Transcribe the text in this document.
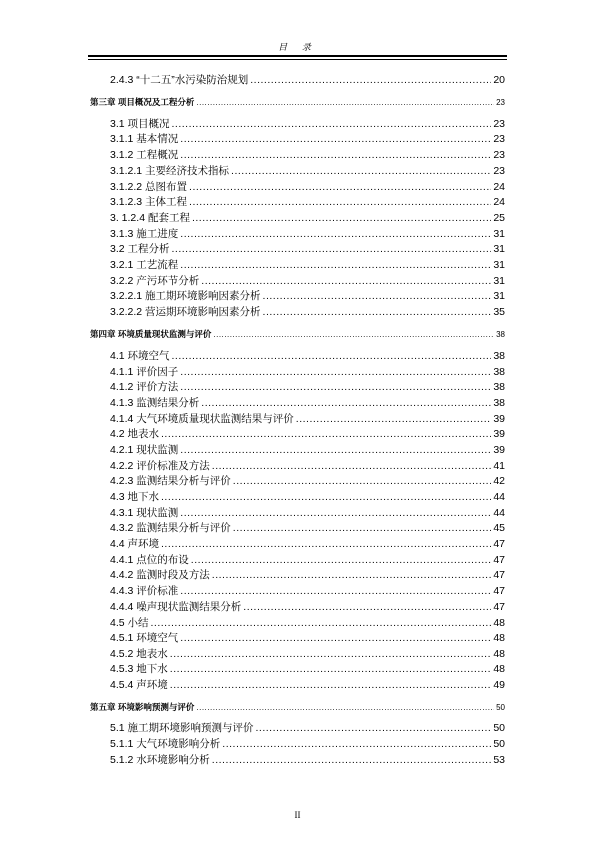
目 录
2.4.3 “十二五”水污染防治规划 .....	20
第三章 项目概况及工程分析 .....	23
3.1 项目概况 .....	23
3.1.1 基本情况 .....	23
3.1.2 工程概况 .....	23
3.1.2.1 主要经济技术指标 .....	23
3.1.2.2 总图布置 .....	24
3.1.2.3 主体工程 .....	24
3. 1.2.4 配套工程 .....	25
3.1.3 施工进度 .....	31
3.2 工程分析 .....	31
3.2.1 工艺流程 .....	31
3.2.2 产污环节分析 .....	31
3.2.2.1 施工期环境影响因素分析 .....	31
3.2.2.2 营运期环境影响因素分析 .....	35
第四章 环境质量现状监测与评价 .....	38
4.1 环境空气 .....	38
4.1.1 评价因子 .....	38
4.1.2 评价方法 .....	38
4.1.3 监测结果分析 .....	38
4.1.4 大气环境质量现状监测结果与评价 .....	39
4.2 地表水 .....	39
4.2.1 现状监测 .....	39
4.2.2 评价标准及方法 .....	41
4.2.3 监测结果分析与评价 .....	42
4.3 地下水 .....	44
4.3.1 现状监测 .....	44
4.3.2 监测结果分析与评价 .....	45
4.4 声环境 .....	47
4.4.1 点位的布设 .....	47
4.4.2 监测时段及方法 .....	47
4.4.3 评价标准 .....	47
4.4.4 噪声现状监测结果分析 .....	47
4.5 小结 .....	48
4.5.1 环境空气 .....	48
4.5.2 地表水 .....	48
4.5.3 地下水 .....	48
4.5.4 声环境 .....	49
第五章 环境影响预测与评价 .....	50
5.1 施工期环境影响预测与评价 .....	50
5.1.1 大气环境影响分析 .....	50
5.1.2 水环境影响分析 .....	53
II
